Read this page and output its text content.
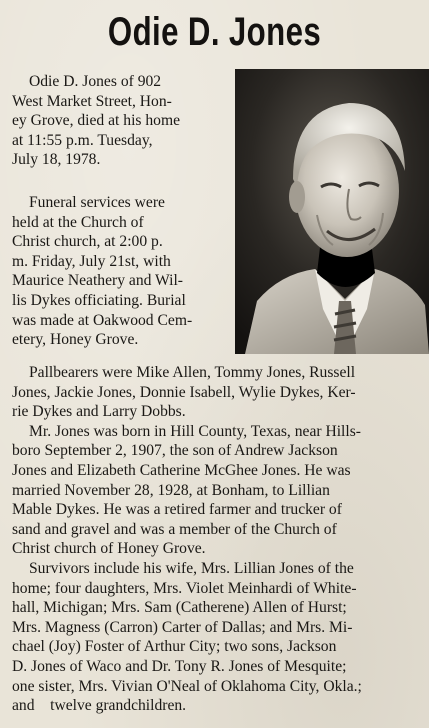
Odie D. Jones

Odie D. Jones of 902
West Market Street, Hon-
ey Grove, died at his home
at 11:55 p.m. Tuesday,
July 18, 1978.

Funeral services were
held at the Church of
Christ church, at 2:00 p.
m. Friday, July 21st, with
Maurice Neathery and Wil-
lis Dykes officiating. Burial
was made at Oakwood Cem-
etery, Honey Grove.

Pallbearers were Mike Allen, Tommy Jones, Russell
Jones, Jackie Jones, Donnie Isabell, Wylie Dykes, Ker-
rie Dykes and Larry Dobbs.
Mr. Jones was born in Hill County, Texas, near Hills-
boro September 2, 1907, the son of Andrew Jackson
Jones and Elizabeth Catherine McGhee Jones. He was
married November 28, 1928, at Bonham, to Lillian
Mable Dykes. He was a retired farmer and trucker of
sand and gravel and was a member of the Church of
Christ church of Honey Grove.
Survivors include his wife, Mrs. Lillian Jones of the
home; four daughters, Mrs. Violet Meinhardi of White-
hall, Michigan; Mrs. Sam (Catherene) Allen of Hurst;
Mrs. Magness (Carron) Carter of Dallas; and Mrs. Mi-
chael (Joy) Foster of Arthur City; two sons, Jackson
D. Jones of Waco and Dr. Tony R. Jones of Mesquite;
one sister, Mrs. Vivian O'Neal of Oklahoma City, Okla.;
and    twelve grandchildren.
